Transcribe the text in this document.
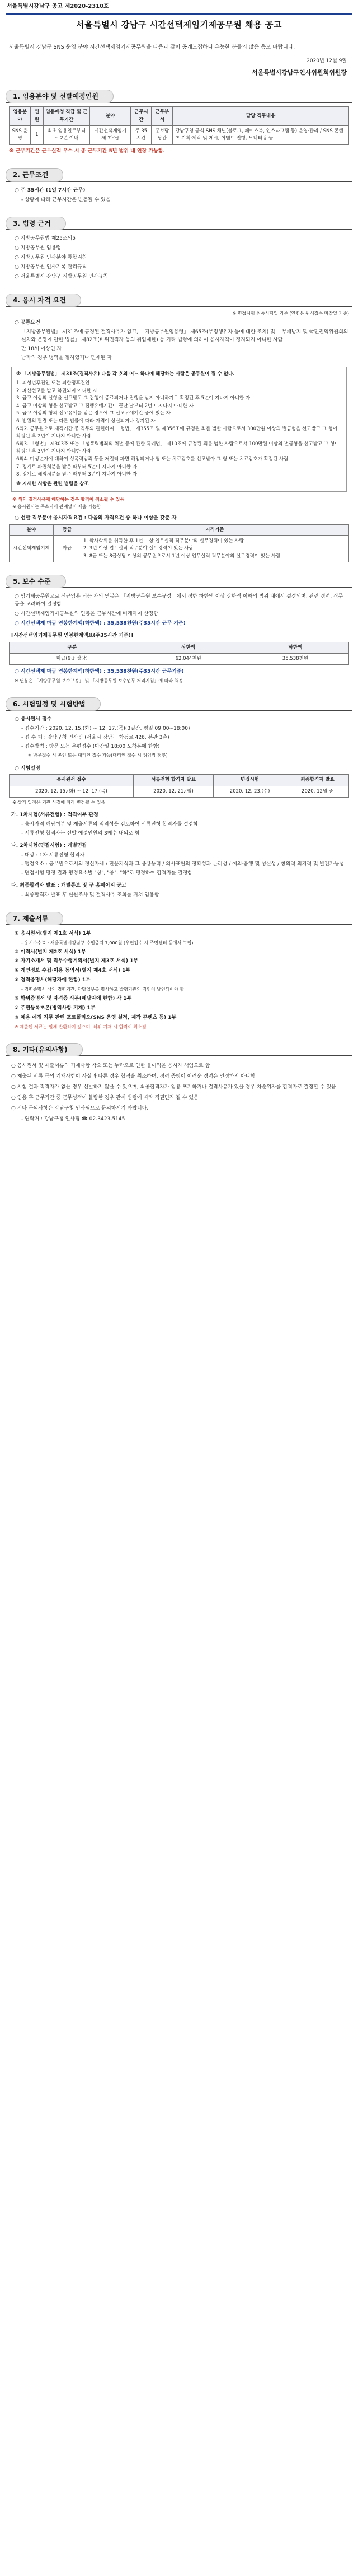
서울특별시강남구 공고 제2020-2310호
서울특별시 강남구 시간선택제임기제공무원 채용 공고
서울특별시 강남구 SNS 운영 분야 시간선택제임기제공무원을 다음과 같이 공개모집하니 유능한 분들의 많은 응모 바랍니다.
2020년 12월 9일
서울특별시강남구인사위원회위원장
1. 임용분야 및 선발예정인원
임용분야	인원	임용예정 직급 및 근무기간	분야	근무시간	근무부서	담당 직무내용
SNS 운영	1	최초 임용일로부터 ~ 2년 이내	시간선택제임기제 '마'급	주 35시간	홍보담당관	강남구청 공식 SNS 채널(블로그, 페이스북, 인스타그램 등) 운영·관리 / SNS 콘텐츠 기획·제작 및 게시, 이벤트 진행, 모니터링 등
※ 근무기간은 근무실적 우수 시 총 근무기간 5년 범위 내 연장 가능함.
2. 근무조건
○ 주 35시간 (1일 7시간 근무)
- 상황에 따라 근무시간은 변동될 수 있음
3. 법령 근거
○ 지방공무원법 제25조의5
○ 지방공무원 임용령
○ 지방공무원 인사분야 통합지침
○ 지방공무원 인사기록 관리규칙
○ 서울특별시 강남구 지방공무원 인사규칙
4. 응시 자격 요건
※ 면접시험 최종시험일 기준 (연령은 원서접수 마감일 기준)
○ 공통요건
「지방공무원법」 제31조에 규정된 결격사유가 없고, 「지방공무원임용령」 제65조(부정행위자 등에 대한 조치) 및 「부패방지 및 국민권익위원회의 설치와 운영에 관한 법률」 제82조(비위면직자 등의 취업제한) 등 기타 법령에 의하여 응시자격이 정지되지 아니한 사람
만 18세 이상인 자
남자의 경우 병역을 필하였거나 면제된 자
※ 「지방공무원법」 제31조(결격사유) 다음 각 호의 어느 하나에 해당하는 사람은 공무원이 될 수 없다.
1. 피성년후견인 또는 피한정후견인
2. 파산선고를 받고 복권되지 아니한 자
3. 금고 이상의 실형을 선고받고 그 집행이 종료되거나 집행을 받지 아니하기로 확정된 후 5년이 지나지 아니한 자
4. 금고 이상의 형을 선고받고 그 집행유예기간이 끝난 날부터 2년이 지나지 아니한 자
5. 금고 이상의 형의 선고유예를 받은 경우에 그 선고유예기간 중에 있는 자
6. 법원의 판결 또는 다른 법률에 따라 자격이 상실되거나 정지된 자
6의2. 공무원으로 재직기간 중 직무와 관련하여 「형법」 제355조 및 제356조에 규정된 죄를 범한 사람으로서 300만원 이상의 벌금형을 선고받고 그 형이 확정된 후 2년이 지나지 아니한 사람
6의3. 「형법」 제303조 또는 「성폭력범죄의 처벌 등에 관한 특례법」 제10조에 규정된 죄를 범한 사람으로서 100만원 이상의 벌금형을 선고받고 그 형이 확정된 후 3년이 지나지 아니한 사람
6의4. 미성년자에 대하여 성폭력범죄 등을 저질러 파면·해임되거나 형 또는 치료감호를 선고받아 그 형 또는 치료감호가 확정된 사람
7. 징계로 파면처분을 받은 때부터 5년이 지나지 아니한 자
8. 징계로 해임처분을 받은 때부터 3년이 지나지 아니한 자
※ 자세한 사항은 관련 법령을 참조
※ 위의 결격사유에 해당하는 경우 합격이 취소될 수 있음
※ 응시원서는 주소지에 관계없이 제출 가능함
○ 선발 직무분야 응시자격요건 : 다음의 자격요건 중 하나 이상을 갖춘 자
분야	등급	자격기준
시간선택제임기제	마급	1. 학사학위를 취득한 후 1년 이상 업무실적 직무분야의 실무경력이 있는 사람
2. 3년 이상 업무실적 직무분야 실무경력이 있는 사람
3. 8급 또는 8급상당 이상의 공무원으로서 1년 이상 업무실적 직무분야의 실무경력이 있는 사람
5. 보수 수준
○ 임기제공무원으로 신규임용 되는 자의 연봉은 「지방공무원 보수규정」에서 정한 하한액 이상 상한액 이하의 범위 내에서 결정되며, 관련 경력, 직무 등을 고려하여 결정함
○ 시간선택제임기제공무원의 연봉은 근무시간에 비례하여 산정함
○ 시간선택제 마급 연봉한계액(하한액) : 35,538천원(주35시간 근무 기준)
[시간선택임기제공무원 연봉한계액표(주35시간 기준)]
구분	상한액	하한액
마급(6급 상당)	62,044천원	35,538천원
○ 시간선택제 마급 연봉한계액(하한액) : 35,538천원(주35시간 근무기준)
※ 연봉은 「지방공무원 보수규정」 및 「지방공무원 보수업무 처리지침」에 따라 책정
6. 시험일정 및 시험방법
○ 응시원서 접수
- 접수기간 : 2020. 12. 15.(화) ~ 12. 17.(목)(3일간, 평일 09:00~18:00)
- 접 수 처 : 강남구청 인사팀 (서울시 강남구 학동로 426, 본관 3층)
- 접수방법 : 방문 또는 우편접수 (마감일 18:00 도착분에 한함)
※ 방문접수 시 본인 또는 대리인 접수 가능(대리인 접수 시 위임장 첨부)
○ 시험일정
응시원서 접수	서류전형 합격자 발표	면접시험	최종합격자 발표
2020. 12. 15.(화) ~ 12. 17.(목)	2020. 12. 21.(월)	2020. 12. 23.(수)	2020. 12월 중
※ 상기 일정은 기관 사정에 따라 변경될 수 있음
가. 1차시험(서류전형) : 적격여부 판정
- 응시자격 해당여부 및 제출서류의 적격성을 검토하여 서류전형 합격자를 결정함
- 서류전형 합격자는 선발 예정인원의 3배수 내외로 함
나. 2차시험(면접시험) : 개별면접
- 대상 : 1차 서류전형 합격자
- 평정요소 : 공무원으로서의 정신자세 / 전문지식과 그 응용능력 / 의사표현의 정확성과 논리성 / 예의·품행 및 성실성 / 창의력·의지력 및 발전가능성
- 면접시험 평정 결과 평정요소별 "상", "중", "하"로 평정하여 합격자를 결정함
다. 최종합격자 발표 : 개별통보 및 구 홈페이지 공고
- 최종합격자 발표 후 신원조사 및 결격사유 조회를 거쳐 임용함
7. 제출서류
① 응시원서(별지 제1호 서식) 1부
- 응시수수료 : 서울특별시강남구 수입증지 7,000원 (우편접수 시 주민센터 등에서 구입)
② 이력서(별지 제2호 서식) 1부
③ 자기소개서 및 직무수행계획서(별지 제3호 서식) 1부
④ 개인정보 수집·이용 동의서(별지 제4호 서식) 1부
⑤ 경력증명서(해당자에 한함) 1부
- 경력증명서 상의 경력기간, 담당업무를 명시하고 발행기관의 직인이 날인되어야 함
⑥ 학위증명서 및 자격증 사본(해당자에 한함) 각 1부
⑦ 주민등록초본(병역사항 기재) 1부
⑧ 채용 예정 직무 관련 포트폴리오(SNS 운영 실적, 제작 콘텐츠 등) 1부
※ 제출된 서류는 일체 반환하지 않으며, 허위 기재 시 합격이 취소됨
8. 기타(유의사항)
○ 응시원서 및 제출서류의 기재사항 착오 또는 누락으로 인한 불이익은 응시자 책임으로 함
○ 제출된 서류 등의 기재사항이 사실과 다른 경우 합격을 취소하며, 경력 증빙이 어려운 경력은 인정하지 아니함
○ 시험 결과 적격자가 없는 경우 선발하지 않을 수 있으며, 최종합격자가 임용 포기하거나 결격사유가 있을 경우 차순위자를 합격자로 결정할 수 있음
○ 임용 후 근무기간 중 근무성적이 불량한 경우 관계 법령에 따라 직권면직 될 수 있음
○ 기타 문의사항은 강남구청 인사팀으로 문의하시기 바랍니다.
- 연락처 : 강남구청 인사팀 ☎ 02-3423-5145
